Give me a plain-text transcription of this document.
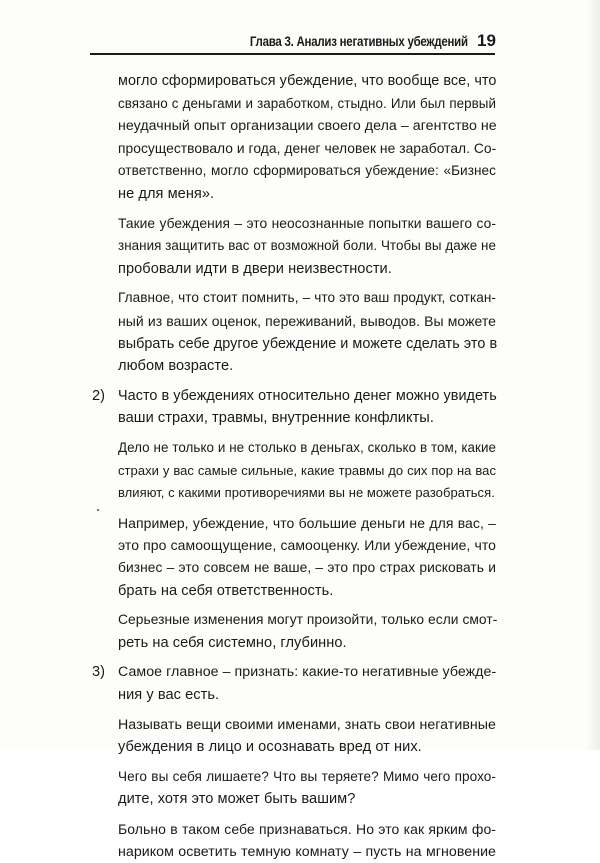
Глава 3. Анализ негативных убеждений 19
могло сформироваться убеждение, что вообще все, что
связано с деньгами и заработком, стыдно. Или был первый
неудачный опыт организации своего дела – агентство не
просуществовало и года, денег человек не заработал. Со-
ответственно, могло сформироваться убеждение: «Бизнес
не для меня».
Такие убеждения – это неосознанные попытки вашего со-
знания защитить вас от возможной боли. Чтобы вы даже не
пробовали идти в двери неизвестности.
Главное, что стоит помнить, – что это ваш продукт, соткан-
ный из ваших оценок, переживаний, выводов. Вы можете
выбрать себе другое убеждение и можете сделать это в
любом возрасте.
2) Часто в убеждениях относительно денег можно увидеть
ваши страхи, травмы, внутренние конфликты.
Дело не только и не столько в деньгах, сколько в том, какие
страхи у вас самые сильные, какие травмы до сих пор на вас
влияют, с какими противоречиями вы не можете разобраться.
Например, убеждение, что большие деньги не для вас, –
это про самоощущение, самооценку. Или убеждение, что
бизнес – это совсем не ваше, – это про страх рисковать и
брать на себя ответственность.
Серьезные изменения могут произойти, только если смот-
реть на себя системно, глубинно.
3) Самое главное – признать: какие-то негативные убежде-
ния у вас есть.
Называть вещи своими именами, знать свои негативные
убеждения в лицо и осознавать вред от них.
Чего вы себя лишаете? Что вы теряете? Мимо чего прохо-
дите, хотя это может быть вашим?
Больно в таком себе признаваться. Но это как ярким фо-
нариком осветить темную комнату – пусть на мгновение
